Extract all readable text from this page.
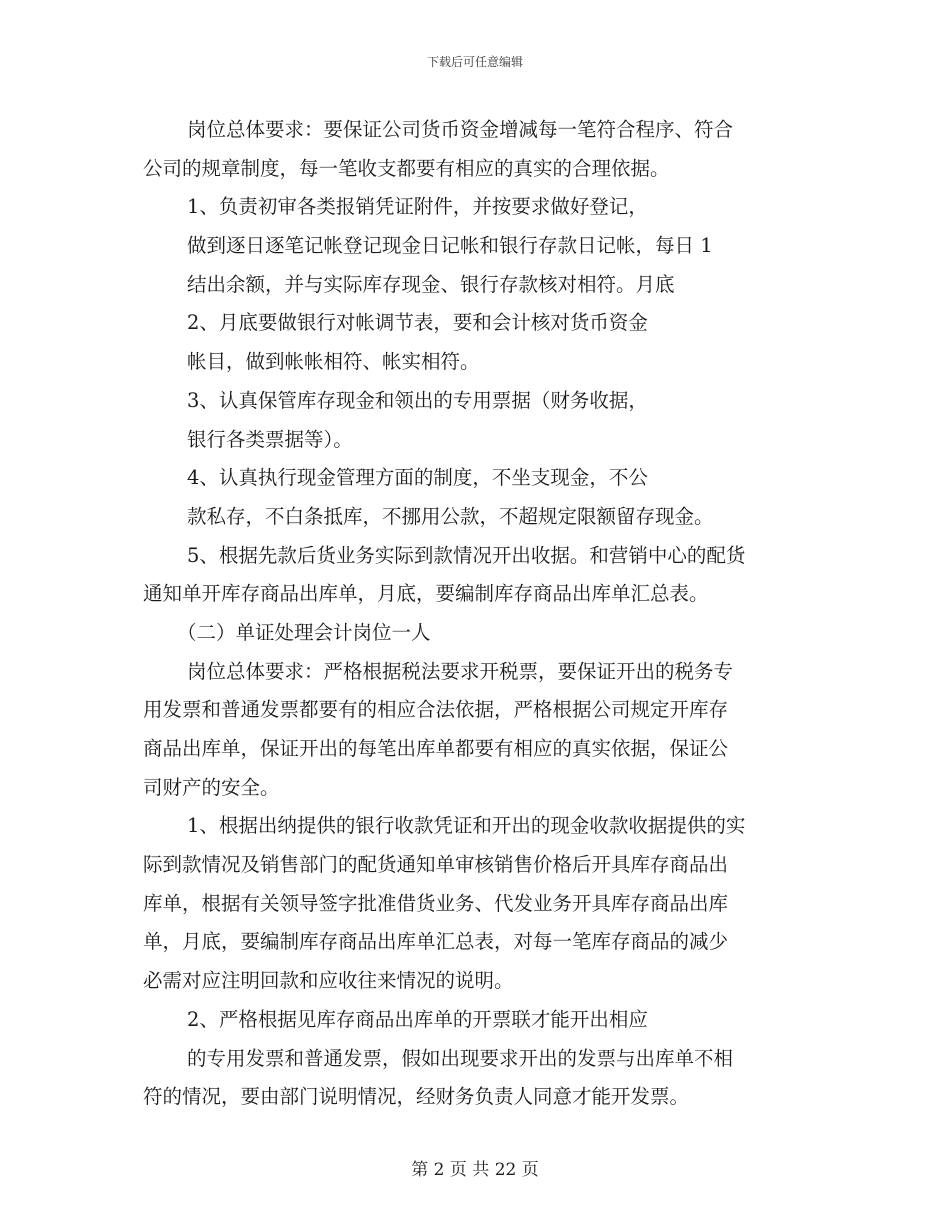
下载后可任意编辑
岗位总体要求：要保证公司货币资金增减每一笔符合程序、符合
公司的规章制度，每一笔收支都要有相应的真实的合理依据。
1、负责初审各类报销凭证附件，并按要求做好登记，
做到逐日逐笔记帐登记现金日记帐和银行存款日记帐，每日 1
结出余额，并与实际库存现金、银行存款核对相符。月底
2、月底要做银行对帐调节表，要和会计核对货币资金
帐目，做到帐帐相符、帐实相符。
3、认真保管库存现金和领出的专用票据（财务收据，
银行各类票据等）。
4、认真执行现金管理方面的制度，不坐支现金，不公
款私存，不白条抵库，不挪用公款，不超规定限额留存现金。
5、根据先款后货业务实际到款情况开出收据。和营销中心的配货
通知单开库存商品出库单，月底，要编制库存商品出库单汇总表。
（二）单证处理会计岗位一人
岗位总体要求：严格根据税法要求开税票，要保证开出的税务专
用发票和普通发票都要有的相应合法依据，严格根据公司规定开库存
商品出库单，保证开出的每笔出库单都要有相应的真实依据，保证公
司财产的安全。
1、根据出纳提供的银行收款凭证和开出的现金收款收据提供的实
际到款情况及销售部门的配货通知单审核销售价格后开具库存商品出
库单，根据有关领导签字批准借货业务、代发业务开具库存商品出库
单，月底，要编制库存商品出库单汇总表，对每一笔库存商品的减少
必需对应注明回款和应收往来情况的说明。
2、严格根据见库存商品出库单的开票联才能开出相应
的专用发票和普通发票，假如出现要求开出的发票与出库单不相
符的情况，要由部门说明情况，经财务负责人同意才能开发票。
第 2 页 共 22 页
